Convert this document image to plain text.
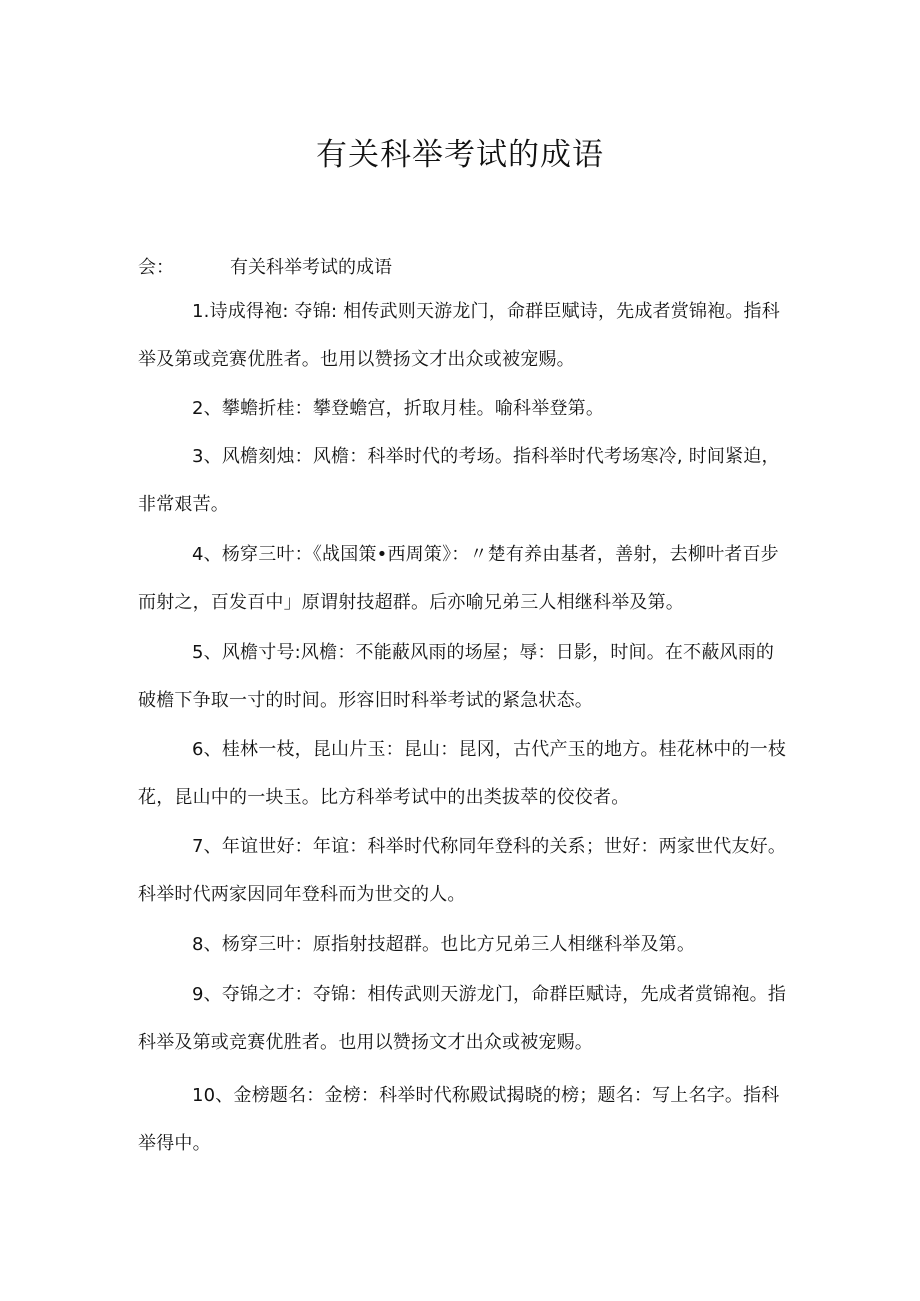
有关科举考试的成语
会：	有关科举考试的成语

1.诗成得袍: 夺锦: 相传武则天游龙门，命群臣赋诗，先成者赏锦袍。指科举及第或竞赛优胜者。也用以赞扬文才出众或被宠赐。

2、攀蟾折桂：攀登蟾宫，折取月桂。喻科举登第。

3、风檐刻烛：风檐：科举时代的考场。指科举时代考场寒冷, 时间紧迫，非常艰苦。

4、杨穿三叶：《战国策•西周策》：〃楚有养由基者，善射，去柳叶者百步而射之，百发百中」原谓射技超群。后亦喻兄弟三人相继科举及第。

5、风檐寸号:风檐：不能蔽风雨的场屋；辱：日影，时间。在不蔽风雨的破檐下争取一寸的时间。形容旧时科举考试的紧急状态。

6、桂林一枝，昆山片玉：昆山：昆冈，古代产玉的地方。桂花林中的一枝花，昆山中的一块玉。比方科举考试中的出类拔萃的佼佼者。

7、年谊世好：年谊：科举时代称同年登科的关系；世好：两家世代友好。科举时代两家因同年登科而为世交的人。

8、杨穿三叶：原指射技超群。也比方兄弟三人相继科举及第。

9、夺锦之才：夺锦：相传武则天游龙门，命群臣赋诗，先成者赏锦袍。指科举及第或竞赛优胜者。也用以赞扬文才出众或被宠赐。

10、金榜题名：金榜：科举时代称殿试揭晓的榜；题名：写上名字。指科举得中。
